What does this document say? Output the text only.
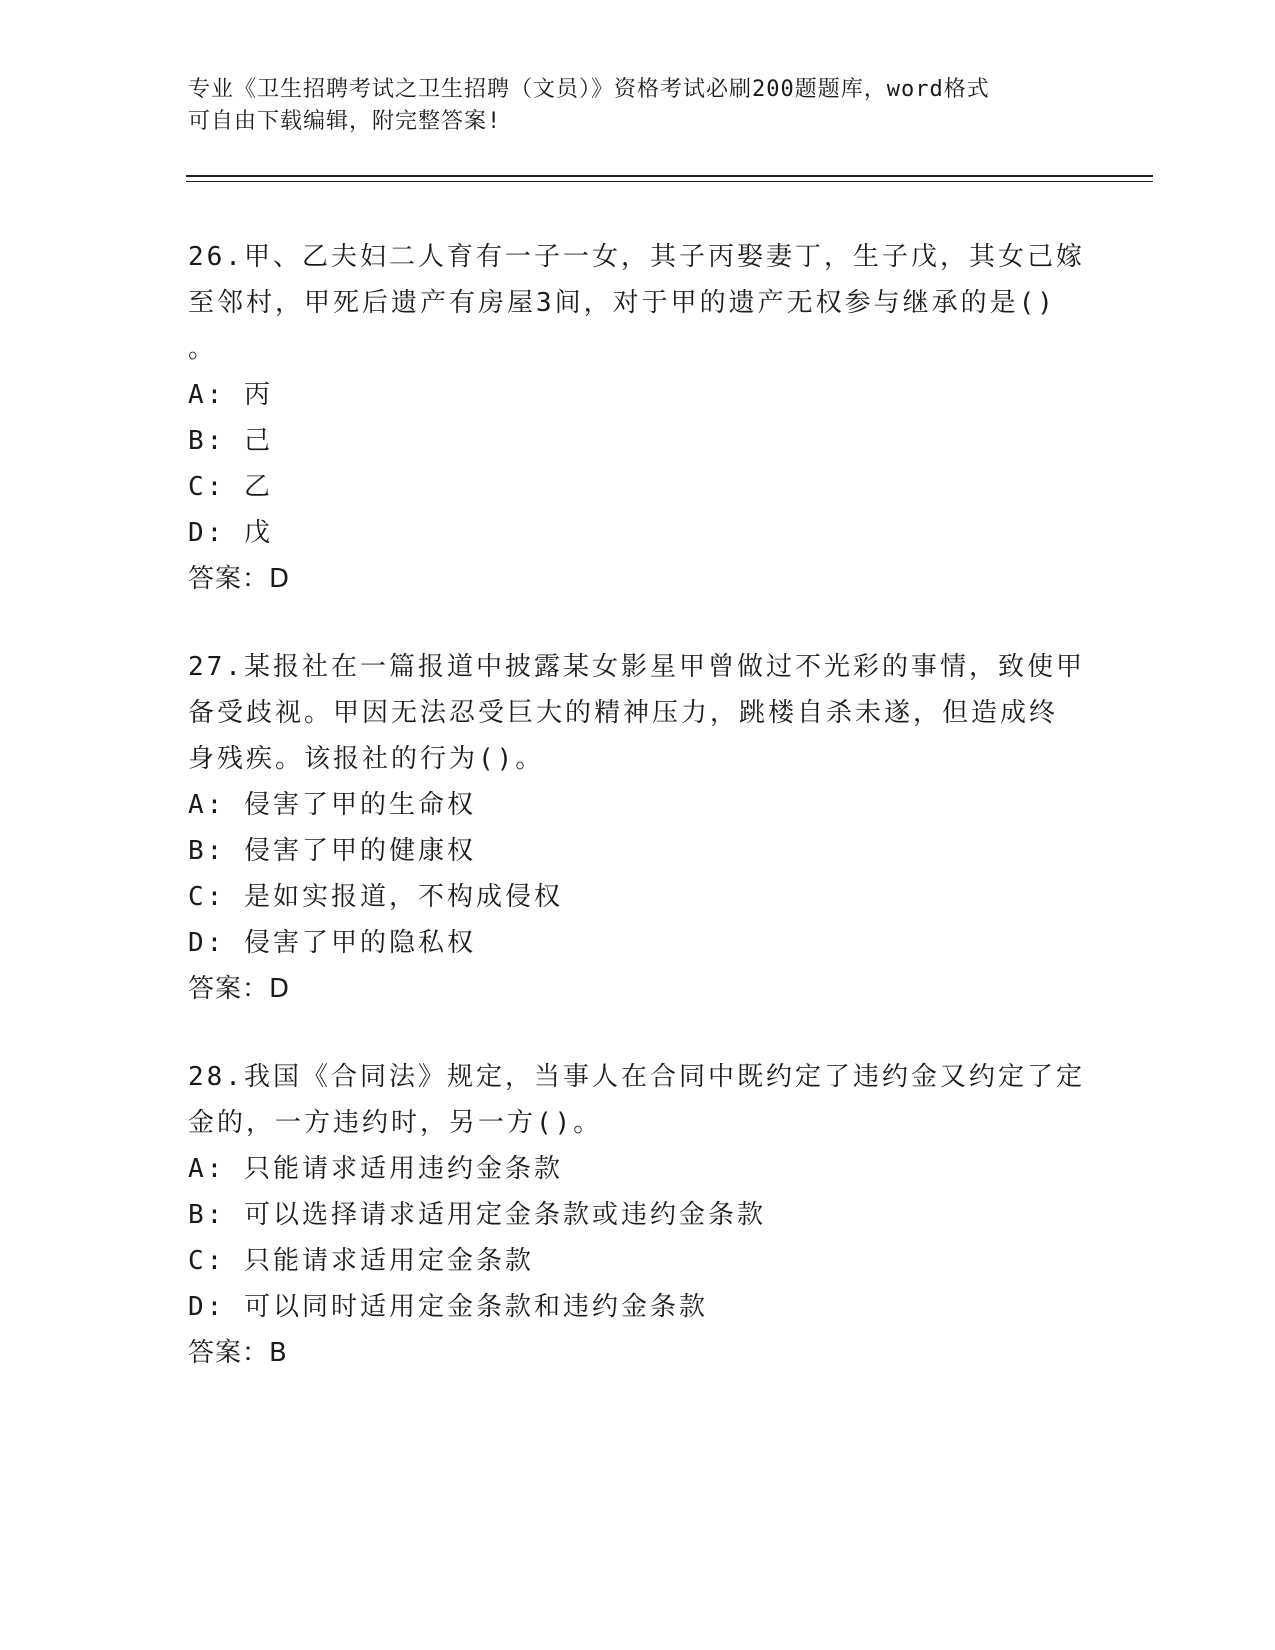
专业《卫生招聘考试之卫生招聘（文员）》资格考试必刷200题题库，word格式
可自由下载编辑，附完整答案!

26.甲、乙夫妇二人育有一子一女，其子丙娶妻丁，生子戊，其女己嫁

至邻村，甲死后遗产有房屋3间，对于甲的遗产无权参与继承的是()

。

A: 丙

B: 己

C: 乙

D: 戊

答案：D

27.某报社在一篇报道中披露某女影星甲曾做过不光彩的事情，致使甲

备受歧视。甲因无法忍受巨大的精神压力，跳楼自杀未遂，但造成终

身残疾。该报社的行为()。

A: 侵害了甲的生命权

B: 侵害了甲的健康权

C: 是如实报道，不构成侵权

D: 侵害了甲的隐私权

答案：D

28.我国《合同法》规定，当事人在合同中既约定了违约金又约定了定

金的，一方违约时，另一方()。

A: 只能请求适用违约金条款

B: 可以选择请求适用定金条款或违约金条款

C: 只能请求适用定金条款

D: 可以同时适用定金条款和违约金条款

答案：B
